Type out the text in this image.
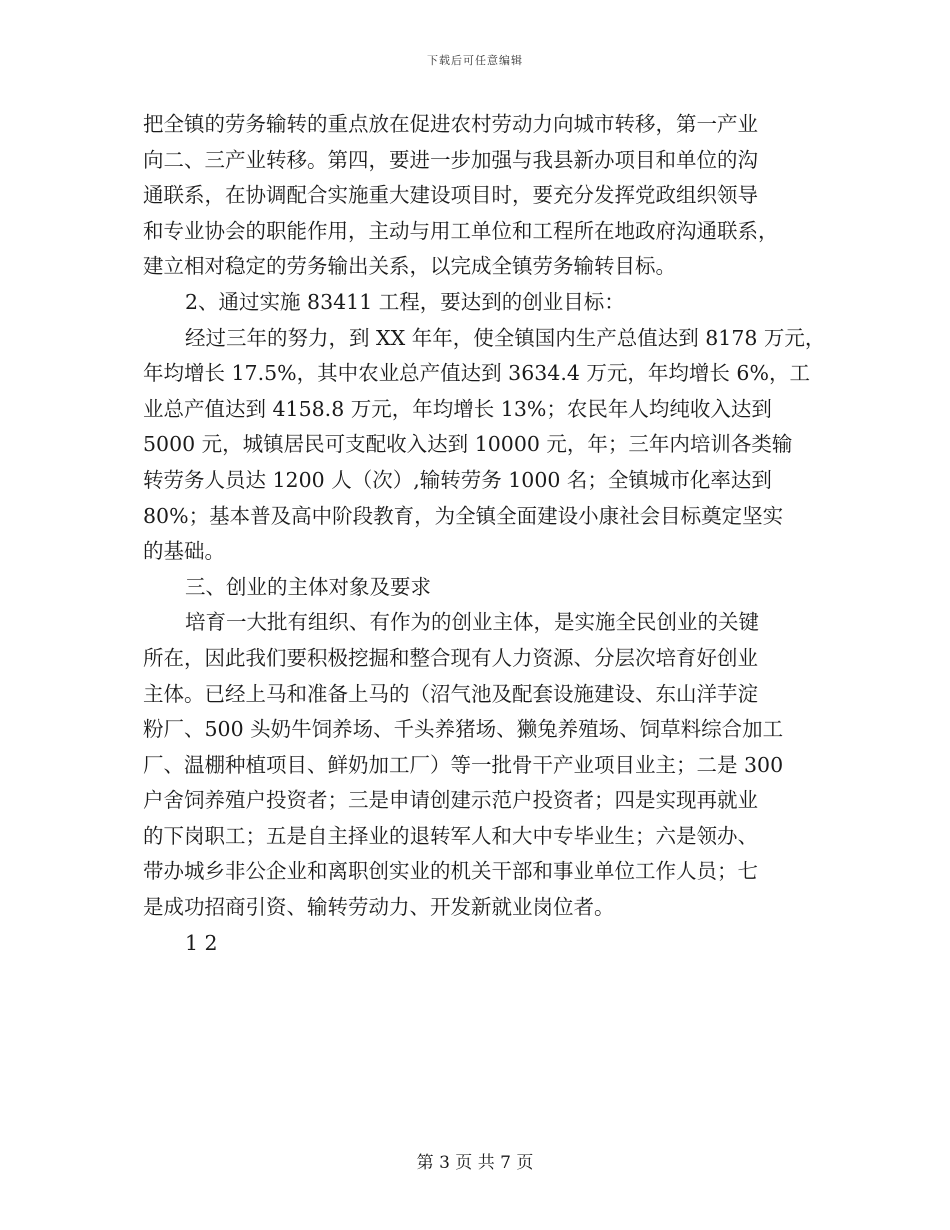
下载后可任意编辑
把全镇的劳务输转的重点放在促进农村劳动力向城市转移，第一产业
向二、三产业转移。第四，要进一步加强与我县新办项目和单位的沟
通联系，在协调配合实施重大建设项目时，要充分发挥党政组织领导
和专业协会的职能作用，主动与用工单位和工程所在地政府沟通联系，
建立相对稳定的劳务输出关系，以完成全镇劳务输转目标。
2、通过实施 83411 工程，要达到的创业目标：
经过三年的努力，到 XX 年年，使全镇国内生产总值达到 8178 万元，
年均增长 17.5%，其中农业总产值达到 3634.4 万元，年均增长 6%，工
业总产值达到 4158.8 万元，年均增长 13%；农民年人均纯收入达到
5000 元，城镇居民可支配收入达到 10000 元，年；三年内培训各类输
转劳务人员达 1200 人（次）,输转劳务 1000 名；全镇城市化率达到
80%；基本普及高中阶段教育，为全镇全面建设小康社会目标奠定坚实
的基础。
三、创业的主体对象及要求
培育一大批有组织、有作为的创业主体，是实施全民创业的关键
所在，因此我们要积极挖掘和整合现有人力资源、分层次培育好创业
主体。已经上马和准备上马的（沼气池及配套设施建设、东山洋芋淀
粉厂、500 头奶牛饲养场、千头养猪场、獭兔养殖场、饲草料综合加工
厂、温棚种植项目、鲜奶加工厂）等一批骨干产业项目业主；二是 300
户舍饲养殖户投资者；三是申请创建示范户投资者；四是实现再就业
的下岗职工；五是自主择业的退转军人和大中专毕业生；六是领办、
带办城乡非公企业和离职创实业的机关干部和事业单位工作人员；七
是成功招商引资、输转劳动力、开发新就业岗位者。
1 2
第 3 页 共 7 页
